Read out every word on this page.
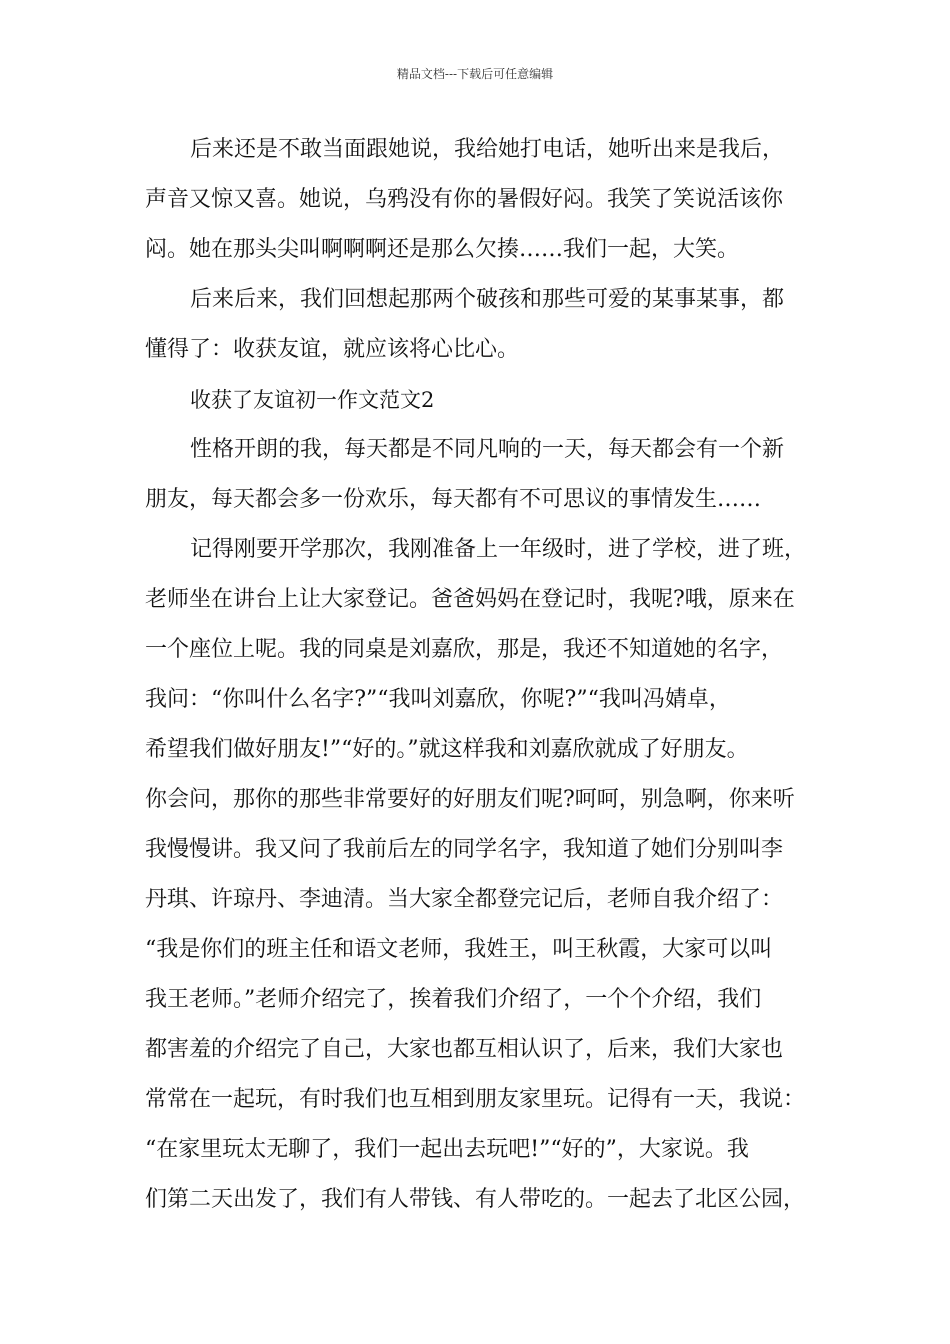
精品文档---下载后可任意编辑
后来还是不敢当面跟她说，我给她打电话，她听出来是我后，
声音又惊又喜。她说，乌鸦没有你的暑假好闷。我笑了笑说活该你
闷。她在那头尖叫啊啊啊还是那么欠揍……我们一起，大笑。
后来后来，我们回想起那两个破孩和那些可爱的某事某事，都
懂得了：收获友谊，就应该将心比心。
收获了友谊初一作文范文2
性格开朗的我，每天都是不同凡响的一天，每天都会有一个新
朋友，每天都会多一份欢乐，每天都有不可思议的事情发生……
记得刚要开学那次，我刚准备上一年级时，进了学校，进了班，
老师坐在讲台上让大家登记。爸爸妈妈在登记时，我呢?哦，原来在
一个座位上呢。我的同桌是刘嘉欣，那是，我还不知道她的名字，
我问：“你叫什么名字?”“我叫刘嘉欣，你呢?”“我叫冯婧卓，
希望我们做好朋友!”“好的。”就这样我和刘嘉欣就成了好朋友。
你会问，那你的那些非常要好的好朋友们呢?呵呵，别急啊，你来听
我慢慢讲。我又问了我前后左的同学名字，我知道了她们分别叫李
丹琪、许琼丹、李迪清。当大家全都登完记后，老师自我介绍了：
“我是你们的班主任和语文老师，我姓王，叫王秋霞，大家可以叫
我王老师。”老师介绍完了，挨着我们介绍了，一个个介绍，我们
都害羞的介绍完了自己，大家也都互相认识了，后来，我们大家也
常常在一起玩，有时我们也互相到朋友家里玩。记得有一天，我说：
“在家里玩太无聊了，我们一起出去玩吧!”“好的”，大家说。我
们第二天出发了，我们有人带钱、有人带吃的。一起去了北区公园，
